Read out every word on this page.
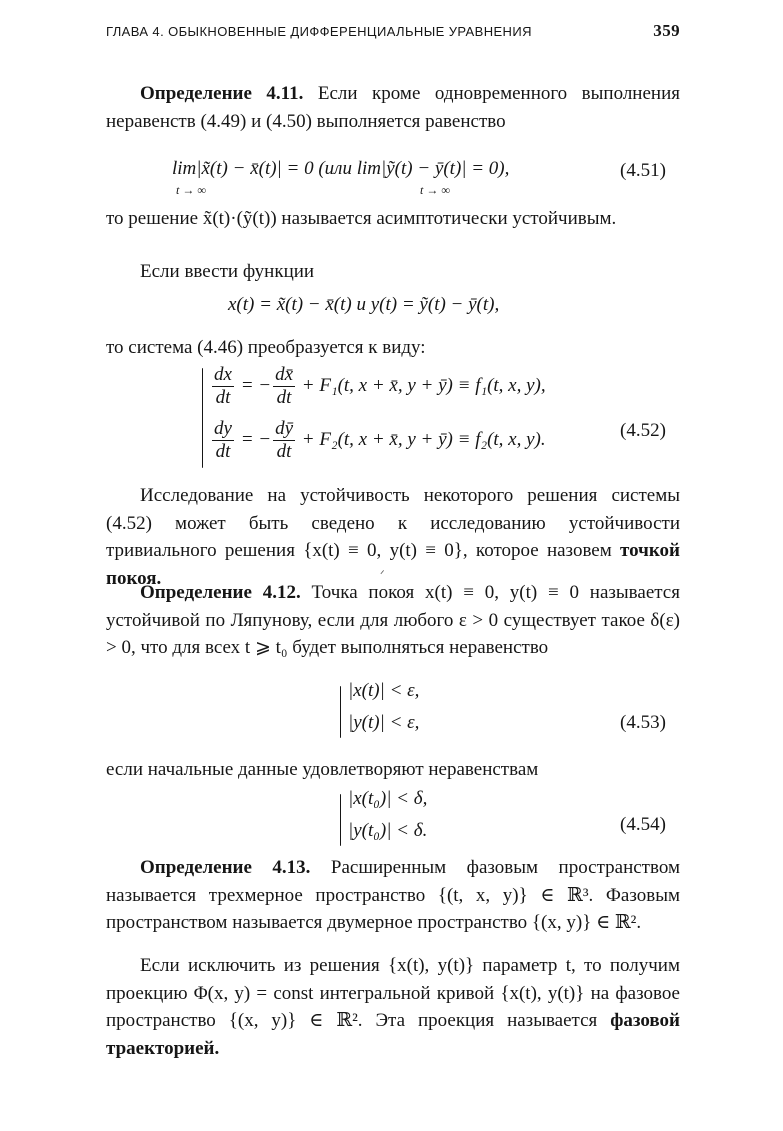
ГЛАВА 4. ОБЫКНОВЕННЫЕ ДИФФЕРЕНЦИАЛЬНЫЕ УРАВНЕНИЯ	359
Определение 4.11. Если кроме одновременного выполнения неравенств (4.49) и (4.50) выполняется равенство
lim|x̃(t) − x̄(t)| = 0 (или lim|ỹ(t) − ȳ(t)| = 0),
t → ∞	t → ∞
(4.51)
то решение x̃(t)·(ỹ(t)) называется асимптотически устойчивым.
Если ввести функции
x(t) = x̃(t) − x̄(t) и y(t) = ỹ(t) − ȳ(t),
то система (4.46) преобразуется к виду:
$\frac{dx}{dt}$ = − $\frac{dx̄}{dt} + F_1(t$, x + x̄, y + ȳ) ≡ f₁(t, x, y),
$\frac{dy}{dt}$ = − $\frac{dȳ}{dt} + F_2(t$, x + x̄, y + ȳ) ≡ f₂(t, x, y).	(4.52)
Исследование на устойчивость некоторого решения системы (4.52) может быть сведено к исследованию устойчивости тривиального решения {x(t) ≡ 0, y(t) ≡ 0}, которое назовем точкой покоя.	ᐟ
Определение 4.12. Точка покоя x(t) ≡ 0, y(t) ≡ 0 называется устойчивой по Ляпунову, если для любого ε > 0 существует такое δ(ε) > 0, что для всех t ⩾ t₀ будет выполняться неравенство
|x(t)| < ε,
|y(t)| < ε,	(4.53)
если начальные данные удовлетворяют неравенствам
|x(t₀)| < δ,
|y(t₀)| < δ.	(4.54)
Определение 4.13. Расширенным фазовым пространством называется трехмерное пространство {(t, x, y)} ∈ ℝ³. Фазовым пространством называется двумерное пространство {(x, y)} ∈ ℝ².
Если исключить из решения {x(t), y(t)} параметр t, то получим проекцию Φ(x, y) = const интегральной кривой {x(t), y(t)} на фазовое пространство {(x, y)} ∈ ℝ². Эта проекция называется фазовой траекторией.
